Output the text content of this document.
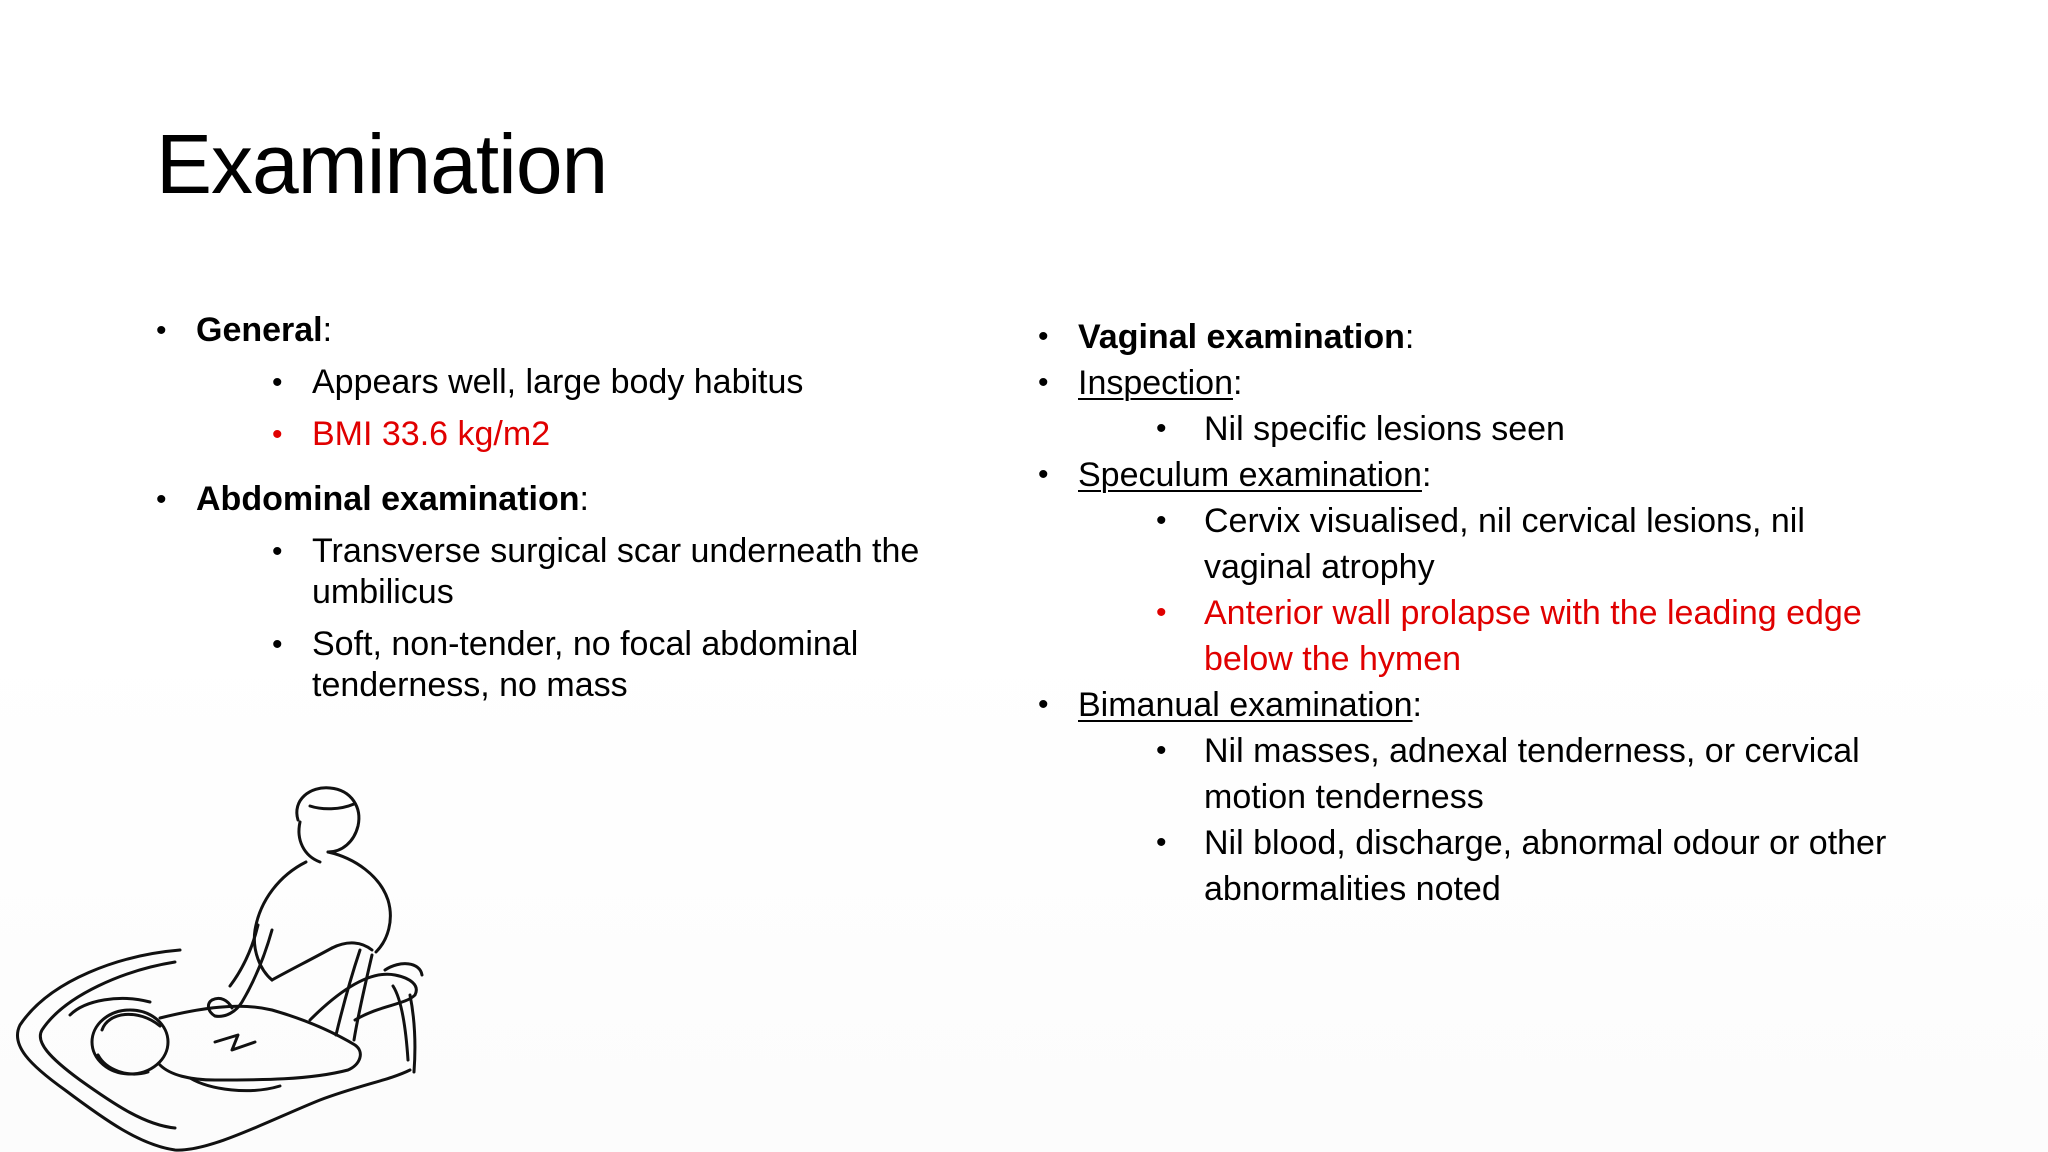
Examination
• General:
• Appears well, large body habitus
• BMI 33.6 kg/m2
• Abdominal examination:
• Transverse surgical scar underneath the umbilicus
• Soft, non-tender, no focal abdominal tenderness, no mass
• Vaginal examination:
• Inspection:
• Nil specific lesions seen
• Speculum examination:
• Cervix visualised, nil cervical lesions, nil vaginal atrophy
• Anterior wall prolapse with the leading edge below the hymen
• Bimanual examination:
• Nil masses, adnexal tenderness, or cervical motion tenderness
• Nil blood, discharge, abnormal odour or other abnormalities noted
